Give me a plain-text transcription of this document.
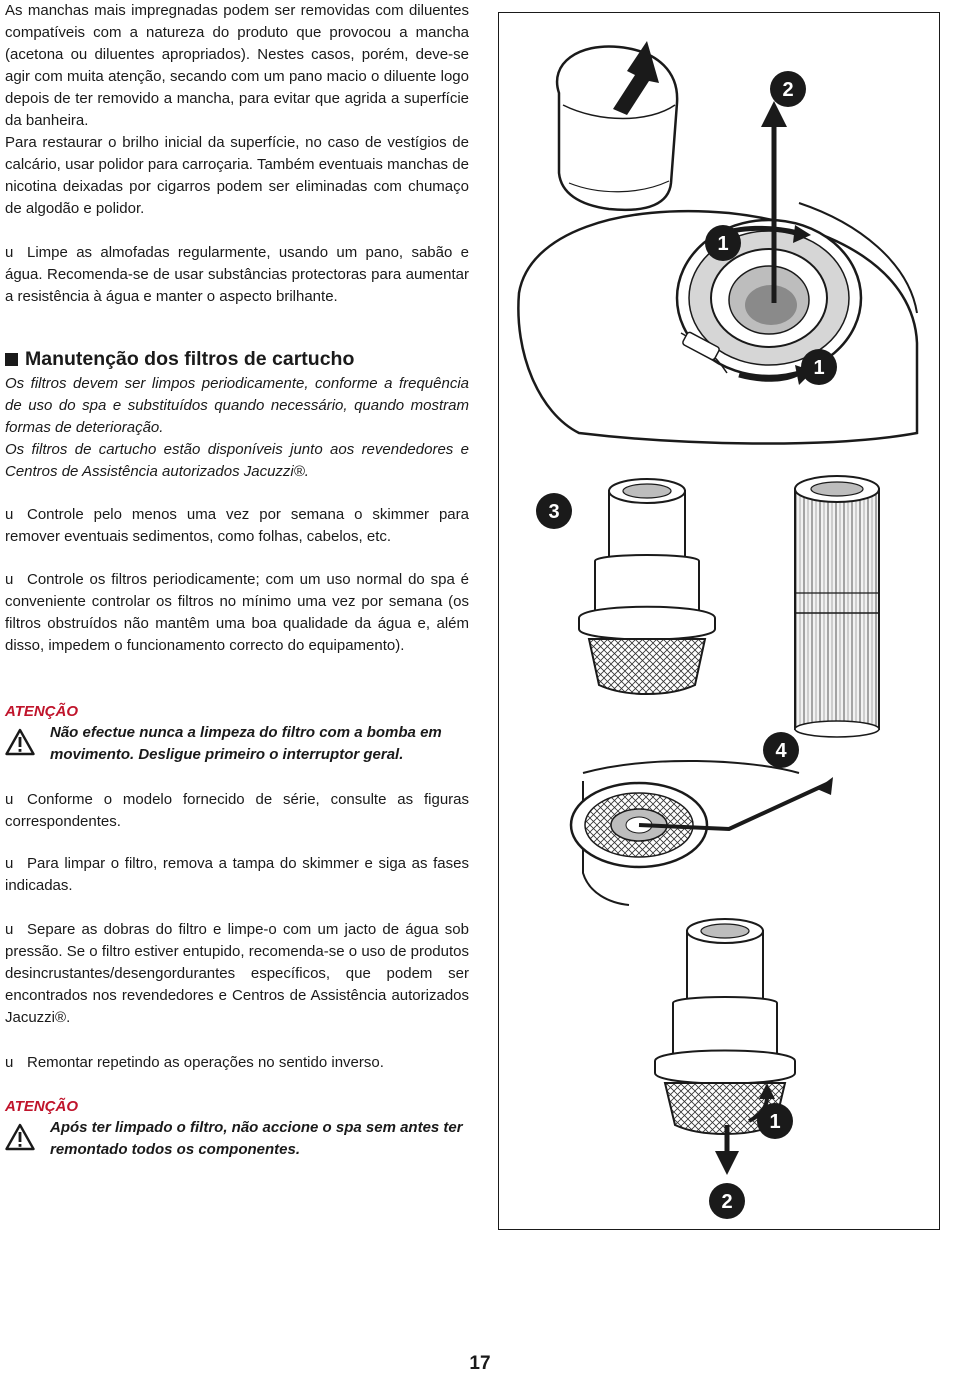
As manchas mais impregnadas podem ser removidas com diluentes compatíveis com a natureza do produto que provocou a mancha (acetona ou diluentes apropriados). Nestes casos, porém, deve-se agir com muita atenção, secando com um pano macio o diluente logo depois de ter removido a mancha, para evitar que agrida a superfície da banheira.

Para restaurar o brilho inicial da superfície, no caso de vestígios de calcário, usar polidor para carroçaria. Também eventuais manchas de nicotina deixadas por cigarros podem ser eliminadas com chumaço de algodão e polidor.

u Limpe as almofadas regularmente, usando um pano, sabão e água. Recomenda-se de usar substâncias protectoras para aumentar a resistência à água e manter o aspecto brilhante.

Manutenção dos filtros de cartucho

Os filtros devem ser limpos periodicamente, conforme a frequência de uso do spa e substituídos quando necessário, quando mostram formas de deterioração.

Os filtros de cartucho estão disponíveis junto aos revendedores e Centros de Assistência autorizados Jacuzzi®.

u Controle pelo menos uma vez por semana o skimmer para remover eventuais sedimentos, como folhas, cabelos, etc.

u Controle os filtros periodicamente; com um uso normal do spa é conveniente controlar os filtros no mínimo uma vez por semana (os filtros obstruídos não mantêm uma boa qualidade da água e, além disso, impedem o funcionamento correcto do equipamento).

ATENÇÃO
Não efectue nunca a limpeza do filtro com a bomba em movimento. Desligue primeiro o interruptor geral.

u Conforme o modelo fornecido de série, consulte as figuras correspondentes.

u Para limpar o filtro, remova a tampa do skimmer e siga as fases indicadas.

u Separe as dobras do filtro e limpe-o com um jacto de água sob pressão. Se o filtro estiver entupido, recomenda-se o uso de produtos desincrustantes/desengordurantes específicos, que podem ser encontrados nos revendedores e Centros de Assistência autorizados Jacuzzi®.

u Remontar repetindo as operações no sentido inverso.

ATENÇÃO
Após ter limpado o filtro, não accione o spa sem antes ter remontado todos os componentes.
2
1
1
3
4
1
2
17
